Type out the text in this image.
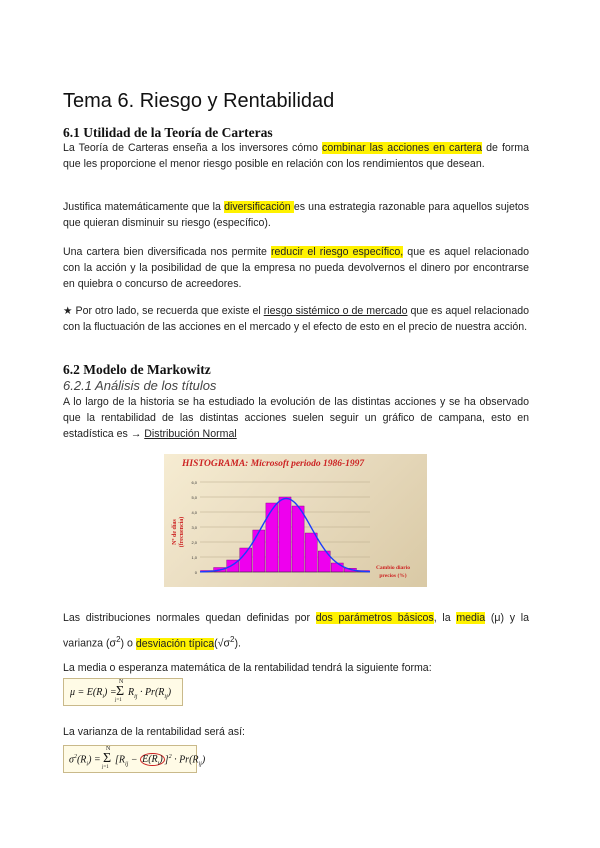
Tema 6. Riesgo y Rentabilidad
6.1 Utilidad de la Teoría de Carteras

La Teoría de Carteras enseña a los inversores cómo combinar las acciones en cartera de forma que les proporcione el menor riesgo posible en relación con los rendimientos que desean.

Justifica matemáticamente que la diversificación es una estrategia razonable para aquellos sujetos que quieran disminuir su riesgo (específico).

Una cartera bien diversificada nos permite reducir el riesgo específico, que es aquel relacionado con la acción y la posibilidad de que la empresa no pueda devolvernos el dinero por encontrarse en quiebra o concurso de acreedores.

★ Por otro lado, se recuerda que existe el riesgo sistémico o de mercado que es aquel relacionado con la fluctuación de las acciones en el mercado y el efecto de esto en el precio de nuestra acción.

6.2 Modelo de Markowitz
6.2.1 Análisis de los títulos

A lo largo de la historia se ha estudiado la evolución de las distintas acciones y se ha observado que la rentabilidad de las distintas acciones suelen seguir un gráfico de campana, esto en estadística es → Distribución Normal

HISTOGRAMA: Microsoft periodo 1986-1997
Nº de días (frecuencia)
Cambio diario
precios (%)
0
1,0
2,0
3,0
4,0
5,0
6,0

Las distribuciones normales quedan definidas por dos parámetros básicos, la media (μ) y la varianza $(\sigma^2)$ o desviación $típica(√\sigma^2)$.

La media o esperanza matemática de la rentabilidad tendrá la siguiente forma:

$\mu = E(R_i)$ =
N
Σ
j=1
$R_{ij} \cdot Pr(R_{ij})$

La varianza de la rentabilidad será así:

$\sigma^2(R_i)$ =
N
Σ
j=1
$[R_{ij} - E(R_i) ]^2 \cdot Pr(R_{ij})$
